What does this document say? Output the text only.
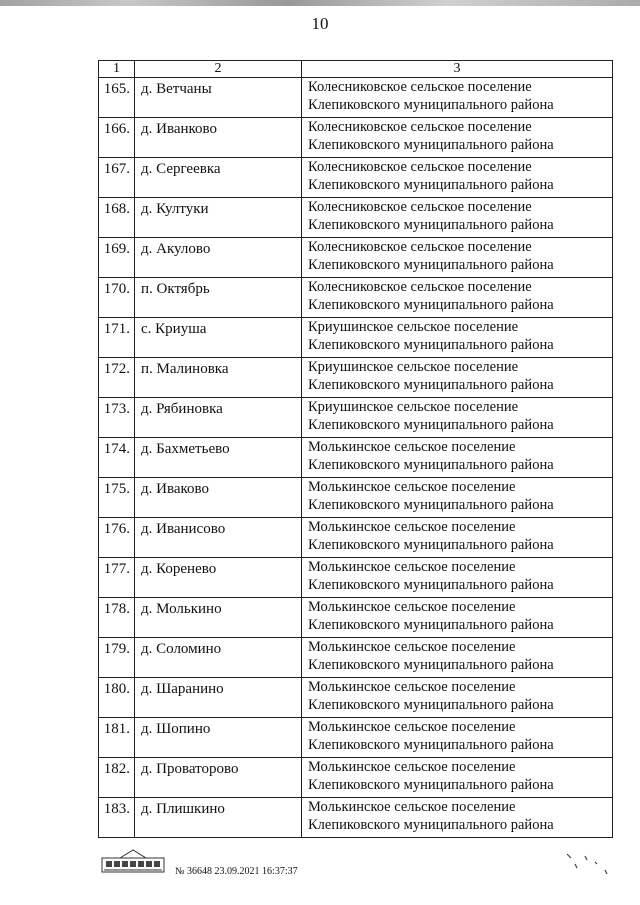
10
1	2	3
165.	д. Ветчаны	Колесниковское сельское поселение
Клепиковского муниципального района

166.	д. Иванково	Колесниковское сельское поселение
Клепиковского муниципального района

167.	д. Сергеевка	Колесниковское сельское поселение
Клепиковского муниципального района

168.	д. Култуки	Колесниковское сельское поселение
Клепиковского муниципального района

169.	д. Акулово	Колесниковское сельское поселение
Клепиковского муниципального района

170.	п. Октябрь	Колесниковское сельское поселение
Клепиковского муниципального района

171.	с. Криуша	Криушинское сельское поселение
Клепиковского муниципального района

172.	п. Малиновка	Криушинское сельское поселение
Клепиковского муниципального района

173.	д. Рябиновка	Криушинское сельское поселение
Клепиковского муниципального района

174.	д. Бахметьево	Молькинское сельское поселение
Клепиковского муниципального района

175.	д. Иваково	Молькинское сельское поселение
Клепиковского муниципального района

176.	д. Иванисово	Молькинское сельское поселение
Клепиковского муниципального района

177.	д. Коренево	Молькинское сельское поселение
Клепиковского муниципального района

178.	д. Молькино	Молькинское сельское поселение
Клепиковского муниципального района

179.	д. Соломино	Молькинское сельское поселение
Клепиковского муниципального района

180.	д. Шаранино	Молькинское сельское поселение
Клепиковского муниципального района

181.	д. Шопино	Молькинское сельское поселение
Клепиковского муниципального района

182.	д. Проваторово	Молькинское сельское поселение
Клепиковского муниципального района

183.	д. Плишкино	Молькинское сельское поселение
Клепиковского муниципального района
№ 36648 23.09.2021 16:37:37
